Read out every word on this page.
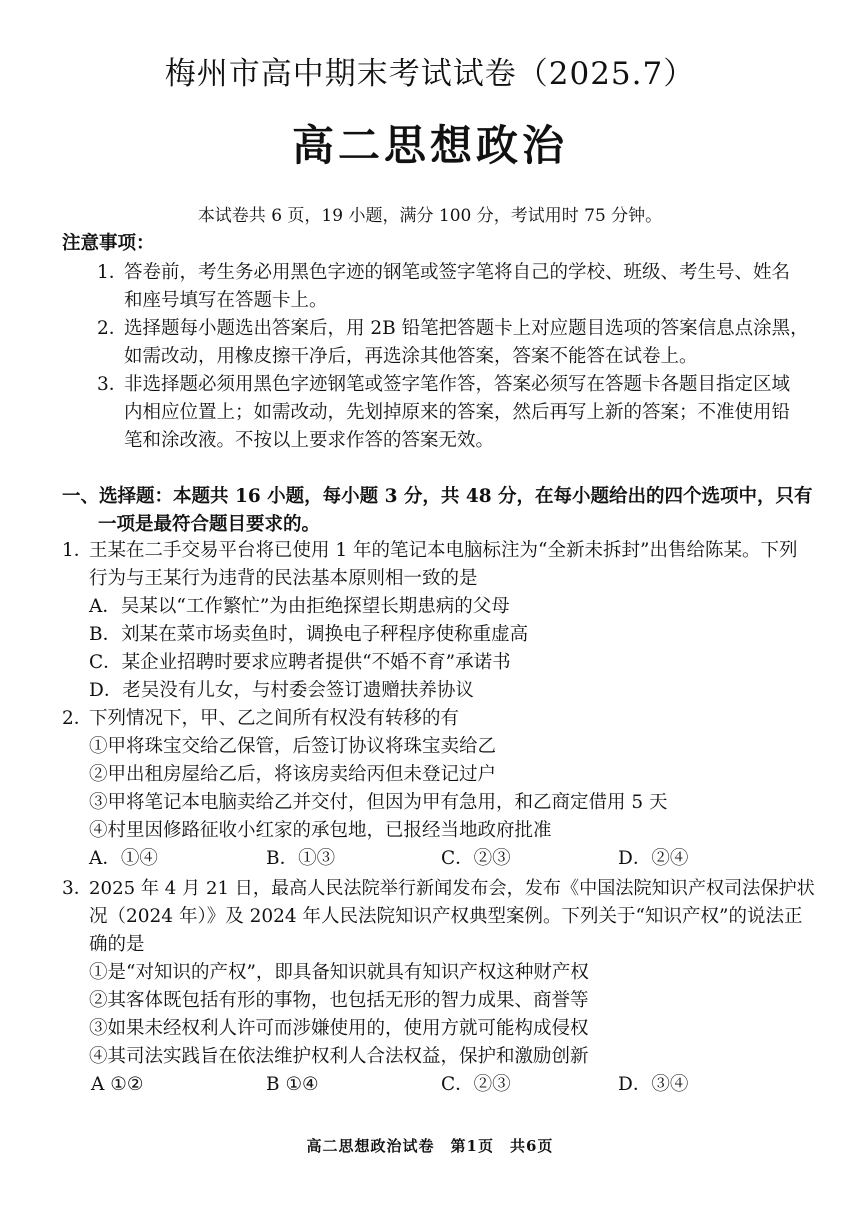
梅州市高中期末考试试卷（2025.7）
高二思想政治
本试卷共 6 页，19 小题，满分 100 分，考试用时 75 分钟。
注意事项：
1．
答卷前，考生务必用黑色字迹的钢笔或签字笔将自己的学校、班级、考生号、姓名
和座号填写在答题卡上。
2．
选择题每小题选出答案后，用 2B 铅笔把答题卡上对应题目选项的答案信息点涂黑，
如需改动，用橡皮擦干净后，再选涂其他答案，答案不能答在试卷上。
3．
非选择题必须用黑色字迹钢笔或签字笔作答，答案必须写在答题卡各题目指定区域
内相应位置上；如需改动，先划掉原来的答案，然后再写上新的答案；不准使用铅
笔和涂改液。不按以上要求作答的答案无效。
一、选择题：本题共 16 小题，每小题 3 分，共 48 分，在每小题给出的四个选项中，只有
一项是最符合题目要求的。
1．
王某在二手交易平台将已使用 1 年的笔记本电脑标注为“全新未拆封”出售给陈某。下列
行为与王某行为违背的民法基本原则相一致的是
A．吴某以“工作繁忙”为由拒绝探望长期患病的父母
B．刘某在菜市场卖鱼时，调换电子秤程序使称重虚高
C．某企业招聘时要求应聘者提供“不婚不育”承诺书
D．老吴没有儿女，与村委会签订遗赠扶养协议
2．
下列情况下，甲、乙之间所有权没有转移的有
①甲将珠宝交给乙保管，后签订协议将珠宝卖给乙
②甲出租房屋给乙后，将该房卖给丙但未登记过户
③甲将笔记本电脑卖给乙并交付，但因为甲有急用，和乙商定借用 5 天
④村里因修路征收小红家的承包地，已报经当地政府批准
A．①④	B．①③	C．②③	D．②④
3．
2025 年 4 月 21 日，最高人民法院举行新闻发布会，发布《中国法院知识产权司法保护状
况（2024 年）》及 2024 年人民法院知识产权典型案例。下列关于“知识产权”的说法正
确的是
①是“对知识的产权”，即具备知识就具有知识产权这种财产权
②其客体既包括有形的事物，也包括无形的智力成果、商誉等
③如果未经权利人许可而涉嫌使用的，使用方就可能构成侵权
④其司法实践旨在依法维护权利人合法权益，保护和激励创新
A ①②	B ①④	C．②③	D．③④
高二思想政治试卷　第1页　共6页
